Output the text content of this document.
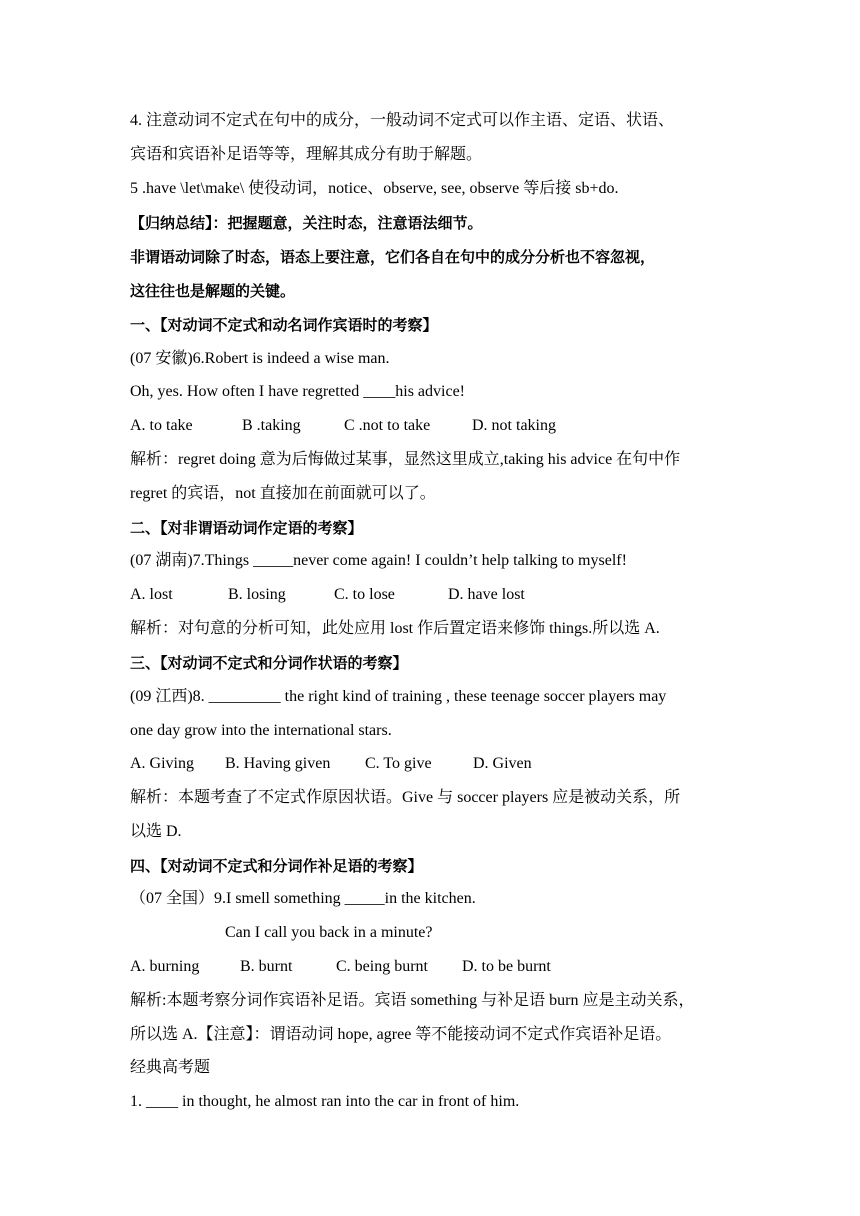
4. 注意动词不定式在句中的成分，一般动词不定式可以作主语、定语、状语、
宾语和宾语补足语等等，理解其成分有助于解题。
5 .have \let\make\ 使役动词，notice、observe, see, observe 等后接 sb+do.
【归纳总结】：把握题意，关注时态，注意语法细节。
非谓语动词除了时态，语态上要注意，它们各自在句中的成分分析也不容忽视，
这往往也是解题的关键。
一、【对动词不定式和动名词作宾语时的考察】
(07 安徽)6.Robert is indeed a wise man.
Oh, yes. How often I have regretted ____his advice!
A. to take	B .taking	C .not to take	D. not taking
解析：regret doing 意为后悔做过某事，显然这里成立,taking his advice 在句中作
regret 的宾语，not 直接加在前面就可以了。
二、【对非谓语动词作定语的考察】
(07 湖南)7.Things _____never come again! I couldn’t help talking to myself!
A. lost	B. losing	C. to lose	D. have lost
解析：对句意的分析可知，此处应用 lost 作后置定语来修饰 things.所以选 A.
三、【对动词不定式和分词作状语的考察】
(09 江西)8. _________ the right kind of training , these teenage soccer players may
one day grow into the international stars.
A. Giving B. Having given C. To give	D. Given
解析：本题考查了不定式作原因状语。Give 与 soccer players 应是被动关系，所
以选 D.
四、【对动词不定式和分词作补足语的考察】
（07 全国）9.I smell something _____in the kitchen.
Can I call you back in a minute?
A. burning	B. burnt	C. being burnt D. to be burnt
解析:本题考察分词作宾语补足语。宾语 something 与补足语 burn 应是主动关系，
所以选 A.【注意】：谓语动词 hope, agree 等不能接动词不定式作宾语补足语。
经典高考题
1. ____ in thought, he almost ran into the car in front of him.
